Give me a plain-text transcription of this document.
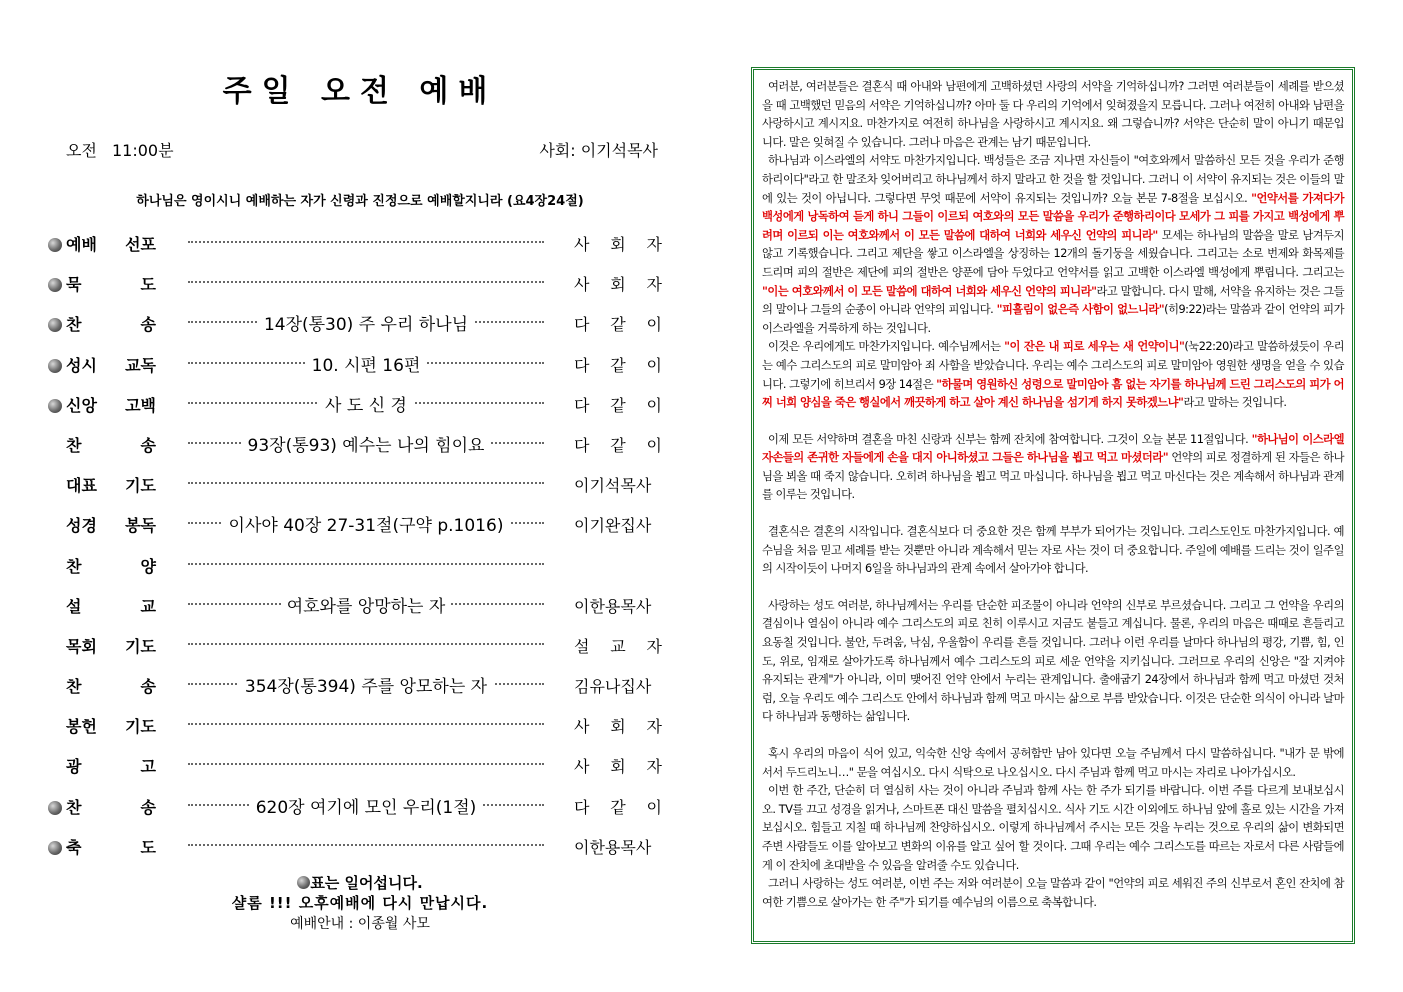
주일 오전 예배
오전 11:00분	사회: 이기석목사
하나님은 영이시니 예배하는 자가 신령과 진정으로 예배할지니라 (요4장24절)
예배 선포	사 회 자
묵	도	사 회 자
찬	송	14장(통30) 주 우리 하나님	다 같 이
성시 교독	10. 시편 16편	다 같 이
신앙 고백	사 도 신 경	다 같 이
찬	송	93장(통93) 예수는 나의 힘이요	다 같 이
대표 기도	이기석목사
성경 봉독	이사야 40장 27-31절(구약 p.1016)	이기완집사
찬	양
설	교	여호와를 앙망하는 자	이한용목사
목회 기도	설 교 자
찬	송	354장(통394) 주를 앙모하는 자	김유나집사
봉헌 기도	사 회 자
광	고	사 회 자
찬	송	620장 여기에 모인 우리(1절)	다 같 이
축	도	이한용목사
표는 일어섭니다.
샬롬 !!! 오후예배에 다시 만납시다.
예배안내 : 이종월 사모

여러분, 여러분들은 결혼식 때 아내와 남편에게 고백하셨던 사랑의 서약을 기억하십니까? 그러면 여러분들이 세례를 받으셨을 때 고백했던 믿음의 서약은 기억하십니까? 아마 둘 다 우리의 기억에서 잊혀졌을지 모릅니다. 그러나 여전히 아내와 남편을 사랑하시고 계시지요. 마찬가지로 여전히 하나님을 사랑하시고 계시지요. 왜 그렇습니까? 서약은 단순히 말이 아니기 때문입니다. 말은 잊혀질 수 있습니다. 그러나 마음은 관계는 남기 때문입니다.

하나님과 이스라엘의 서약도 마찬가지입니다. 백성들은 조금 지나면 자신들이 "여호와께서 말씀하신 모든 것을 우리가 준행하리이다"라고 한 말조차 잊어버리고 하나님께서 하지 말라고 한 것을 할 것입니다. 그러니 이 서약이 유지되는 것은 이들의 말에 있는 것이 아닙니다. 그렇다면 무엇 때문에 서약이 유지되는 것입니까? 오늘 본문 7-8절을 보십시오. "언약서를 가져다가 백성에게 낭독하여 듣게 하니 그들이 이르되 여호와의 모든 말씀을 우리가 준행하리이다 모세가 그 피를 가지고 백성에게 뿌려며 이르되 이는 여호와께서 이 모든 말씀에 대하여 너희와 세우신 언약의 피니라" 모세는 하나님의 말씀을 말로 남겨두지 않고 기록했습니다. 그리고 제단을 쌓고 이스라엘을 상징하는 12개의 돌기둥을 세웠습니다. 그리고는 소로 번제와 화목제를 드리며 피의 절반은 제단에 피의 절반은 양푼에 담아 두었다고 언약서를 읽고 고백한 이스라엘 백성에게 뿌립니다. 그리고는 "이는 여호와께서 이 모든 말씀에 대하여 너희와 세우신 언약의 피니라"라고 말합니다. 다시 말해, 서약을 유지하는 것은 그들의 말이나 그들의 순종이 아니라 언약의 피입니다. "피흘림이 없은즉 사함이 없느니라"(히9:22)라는 말씀과 같이 언약의 피가 이스라엘을 거룩하게 하는 것입니다.

이것은 우리에게도 마찬가지입니다. 예수님께서는 "이 잔은 내 피로 세우는 새 언약이니"(눅22:20)라고 말씀하셨듯이 우리는 예수 그리스도의 피로 말미암아 죄 사함을 받았습니다. 우리는 예수 그리스도의 피로 말미암아 영원한 생명을 얻을 수 있습니다. 그렇기에 히브리서 9장 14절은 "하물며 영원하신 성령으로 말미암아 흠 없는 자기를 하나님께 드린 그리스도의 피가 어찌 너희 양심을 죽은 행실에서 깨끗하게 하고 살아 계신 하나님을 섬기게 하지 못하겠느냐"라고 말하는 것입니다.

이제 모든 서약하며 결혼을 마친 신랑과 신부는 함께 잔치에 참여합니다. 그것이 오늘 본문 11절입니다. "하나님이 이스라엘 자손들의 존귀한 자들에게 손을 대지 아니하셨고 그들은 하나님을 뵙고 먹고 마셨더라" 언약의 피로 정결하게 된 자들은 하나님을 뵈올 때 죽지 않습니다. 오히려 하나님을 뵙고 먹고 마십니다. 하나님을 뵙고 먹고 마신다는 것은 계속해서 하나님과 관계를 이루는 것입니다.

결혼식은 결혼의 시작입니다. 결혼식보다 더 중요한 것은 함께 부부가 되어가는 것입니다. 그리스도인도 마찬가지입니다. 예수님을 처음 믿고 세례를 받는 것뿐만 아니라 계속해서 믿는 자로 사는 것이 더 중요합니다. 주일에 예배를 드리는 것이 일주일의 시작이듯이 나머지 6일을 하나님과의 관계 속에서 살아가야 합니다.

사랑하는 성도 여러분, 하나님께서는 우리를 단순한 피조물이 아니라 언약의 신부로 부르셨습니다. 그리고 그 언약을 우리의 결심이나 열심이 아니라 예수 그리스도의 피로 친히 이루시고 지금도 붙들고 계십니다. 물론, 우리의 마음은 때때로 흔들리고 요동칠 것입니다. 불안, 두려움, 낙심, 우울함이 우리를 흔들 것입니다. 그러나 이런 우리를 날마다 하나님의 평강, 기쁨, 힘, 인도, 위로, 임재로 살아가도록 하나님께서 예수 그리스도의 피로 세운 언약을 지키십니다. 그러므로 우리의 신앙은 "잘 지켜야 유지되는 관계"가 아니라, 이미 맺어진 언약 안에서 누리는 관계입니다. 출애굽기 24장에서 하나님과 함께 먹고 마셨던 것처럼, 오늘 우리도 예수 그리스도 안에서 하나님과 함께 먹고 마시는 삶으로 부름 받았습니다. 이것은 단순한 의식이 아니라 날마다 하나님과 동행하는 삶입니다.

혹시 우리의 마음이 식어 있고, 익숙한 신앙 속에서 공허함만 남아 있다면 오늘 주님께서 다시 말씀하십니다. "내가 문 밖에 서서 두드리노니…" 문을 여십시오. 다시 식탁으로 나오십시오. 다시 주님과 함께 먹고 마시는 자리로 나아가십시오.

이번 한 주간, 단순히 더 열심히 사는 것이 아니라 주님과 함께 사는 한 주가 되기를 바랍니다. 이번 주를 다르게 보내보십시오. TV를 끄고 성경을 읽거나, 스마트폰 대신 말씀을 펼치십시오. 식사 기도 시간 이외에도 하나님 앞에 홀로 있는 시간을 가져보십시오. 힘들고 지칠 때 하나님께 찬양하십시오. 이렇게 하나님께서 주시는 모든 것을 누리는 것으로 우리의 삶이 변화되면 주변 사람들도 이를 알아보고 변화의 이유를 알고 싶어 할 것이다. 그때 우리는 예수 그리스도를 따르는 자로서 다른 사람들에게 이 잔치에 초대받을 수 있음을 알려줄 수도 있습니다.

그러니 사랑하는 성도 여러분, 이번 주는 저와 여러분이 오늘 말씀과 같이 "언약의 피로 세워진 주의 신부로서 혼인 잔치에 참여한 기쁨으로 살아가는 한 주"가 되기를 예수님의 이름으로 축복합니다.
